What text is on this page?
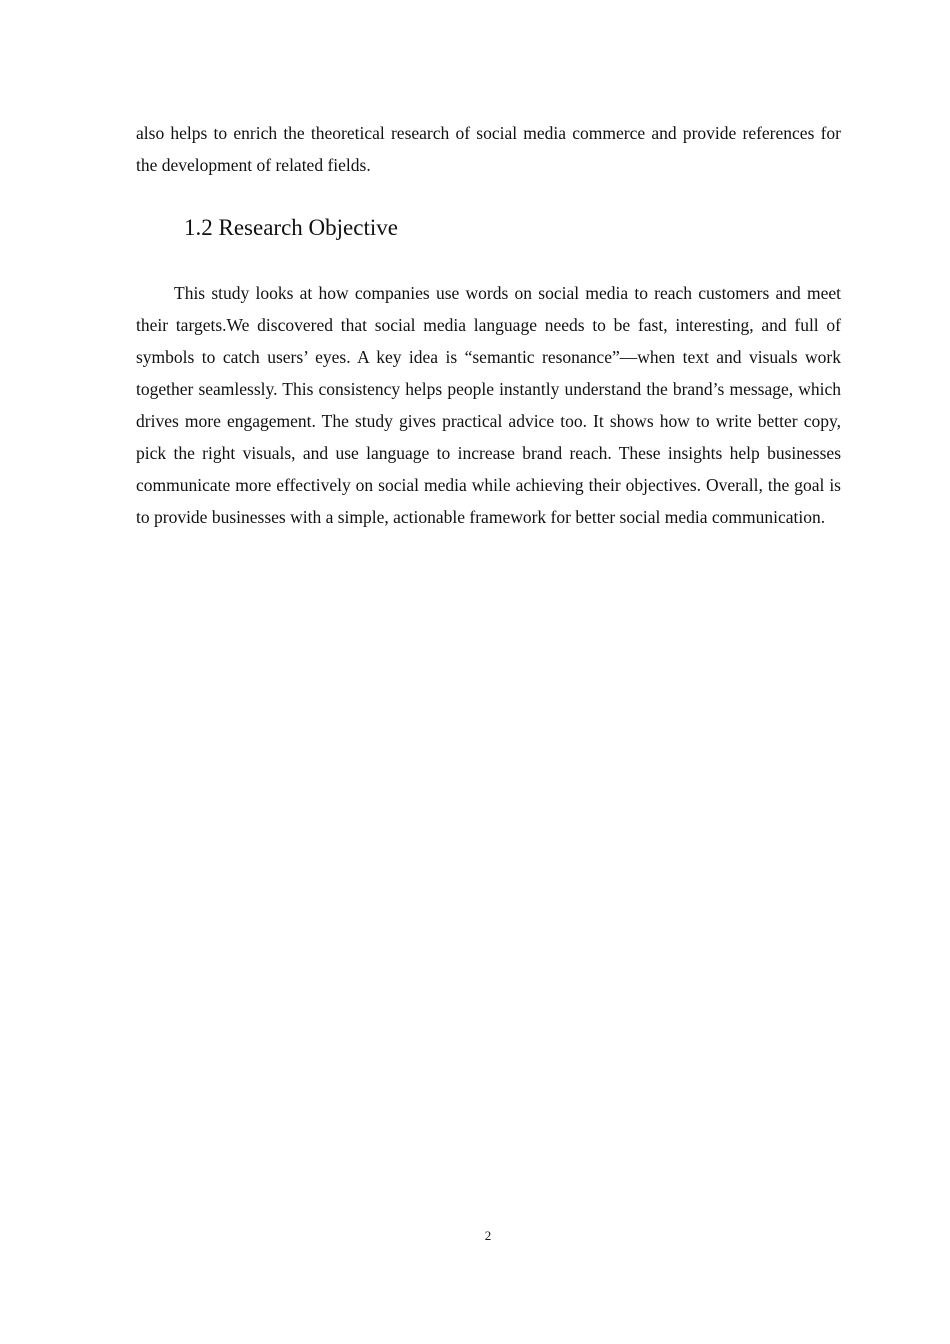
also helps to enrich the theoretical research of social media commerce and provide references for the development of related fields.

1.2 Research Objective

This study looks at how companies use words on social media to reach customers and meet their targets.We discovered that social media language needs to be fast, interesting, and full of symbols to catch users’ eyes. A key idea is “semantic resonance”—when text and visuals work together seamlessly. This consistency helps people instantly understand the brand’s message, which drives more engagement. The study gives practical advice too. It shows how to write better copy, pick the right visuals, and use language to increase brand reach. These insights help businesses communicate more effectively on social media while achieving their objectives. Overall, the goal is to provide businesses with a simple, actionable framework for better social media communication.

2
